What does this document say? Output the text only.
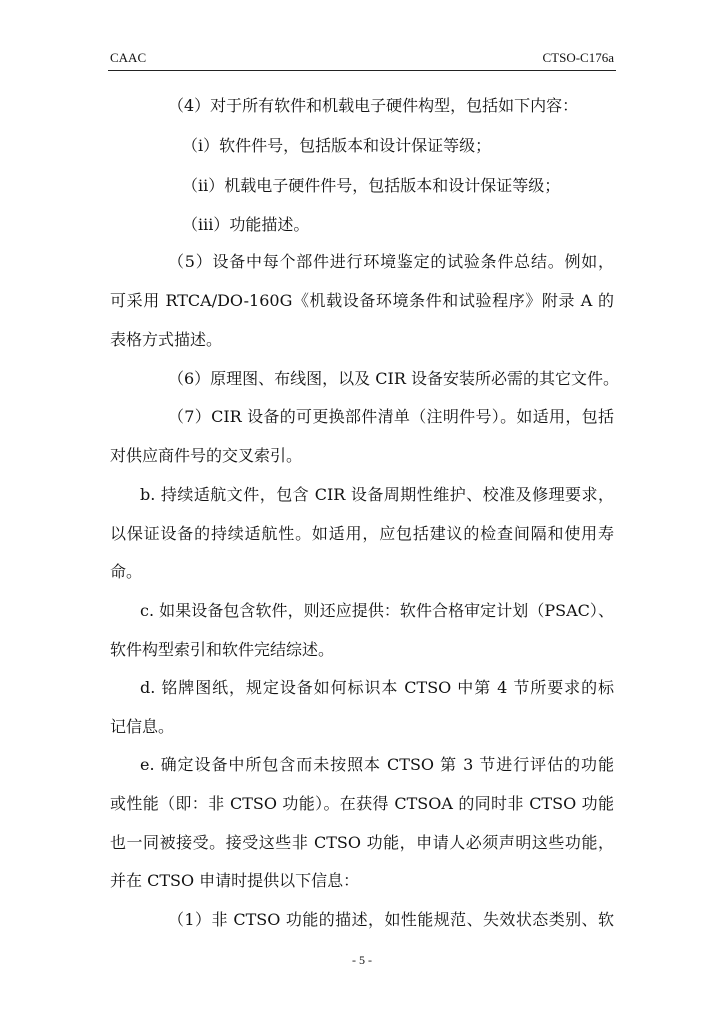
CAAC	CTSO-C176a
（4）对于所有软件和机载电子硬件构型，包括如下内容：
（i）软件件号，包括版本和设计保证等级；
（ii）机载电子硬件件号，包括版本和设计保证等级；
（iii）功能描述。
（5）设备中每个部件进行环境鉴定的试验条件总结。例如，
可采用 RTCA/DO-160G《机载设备环境条件和试验程序》附录 A 的
表格方式描述。
（6）原理图、布线图，以及 CIR 设备安装所必需的其它文件。
（7）CIR 设备的可更换部件清单（注明件号）。如适用，包括
对供应商件号的交叉索引。
b. 持续适航文件，包含 CIR 设备周期性维护、校准及修理要求，
以保证设备的持续适航性。如适用，应包括建议的检查间隔和使用寿
命。
c. 如果设备包含软件，则还应提供：软件合格审定计划（PSAC）、
软件构型索引和软件完结综述。
d. 铭牌图纸，规定设备如何标识本 CTSO 中第 4 节所要求的标
记信息。
e. 确定设备中所包含而未按照本 CTSO 第 3 节进行评估的功能
或性能（即：非 CTSO 功能）。在获得 CTSOA 的同时非 CTSO 功能
也一同被接受。接受这些非 CTSO 功能，申请人必须声明这些功能，
并在 CTSO 申请时提供以下信息：
（1）非 CTSO 功能的描述，如性能规范、失效状态类别、软
- 5 -
